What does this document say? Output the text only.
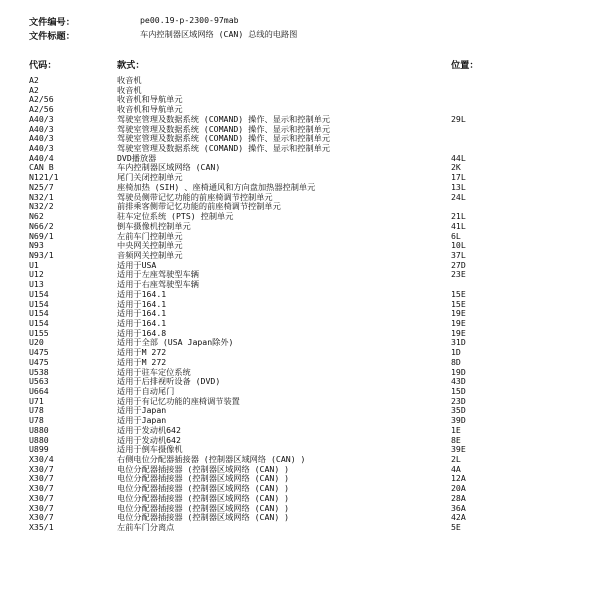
文件编号：	pe00.19-p-2300-97mab
文件标题：	车内控制器区域网络 (CAN) 总线的电路图
代码：	款式：	位置：
A2	收音机
A2	收音机
A2/56	收音机和导航单元
A2/56	收音机和导航单元
A40/3	驾驶室管理及数据系统 (COMAND) 操作、显示和控制单元	29L
A40/3	驾驶室管理及数据系统 (COMAND) 操作、显示和控制单元
A40/3	驾驶室管理及数据系统 (COMAND) 操作、显示和控制单元
A40/3	驾驶室管理及数据系统 (COMAND) 操作、显示和控制单元
A40/4	DVD播放器	44L
CAN B	车内控制器区域网络 (CAN)	2K
N121/1	尾门关闭控制单元	17L
N25/7	座椅加热 (SIH) 、座椅通风和方向盘加热器控制单元	13L
N32/1	驾驶员侧带记忆功能的前座椅调节控制单元	24L
N32/2	前排乘客侧带记忆功能的前座椅调节控制单元
N62	驻车定位系统 (PTS) 控制单元	21L
N66/2	倒车摄像机控制单元	41L
N69/1	左前车门控制单元	6L
N93	中央网关控制单元	10L
N93/1	音频网关控制单元	37L
U1	适用于USA	27D
U12	适用于左座驾驶型车辆	23E
U13	适用于右座驾驶型车辆
U154	适用于164.1	15E
U154	适用于164.1	15E
U154	适用于164.1	19E
U154	适用于164.1	19E
U155	适用于164.8	19E
U20	适用于全部 (USA Japan除外)	31D
U475	适用于M 272	1D
U475	适用于M 272	8D
U538	适用于驻车定位系统	19D
U563	适用于后排视听设备 (DVD)	43D
U664	适用于自动尾门	15D
U71	适用于有记忆功能的座椅调节装置	23D
U78	适用于Japan	35D
U78	适用于Japan	39D
U880	适用于发动机642	1E
U880	适用于发动机642	8E
U899	适用于倒车摄像机	39E
X30/4	右侧电位分配器插接器 (控制器区域网络 (CAN) )	2L
X30/7	电位分配器插接器 (控制器区域网络 (CAN) )	4A
X30/7	电位分配器插接器 (控制器区域网络 (CAN) )	12A
X30/7	电位分配器插接器 (控制器区域网络 (CAN) )	20A
X30/7	电位分配器插接器 (控制器区域网络 (CAN) )	28A
X30/7	电位分配器插接器 (控制器区域网络 (CAN) )	36A
X30/7	电位分配器插接器 (控制器区域网络 (CAN) )	42A
X35/1	左前车门分离点	5E
